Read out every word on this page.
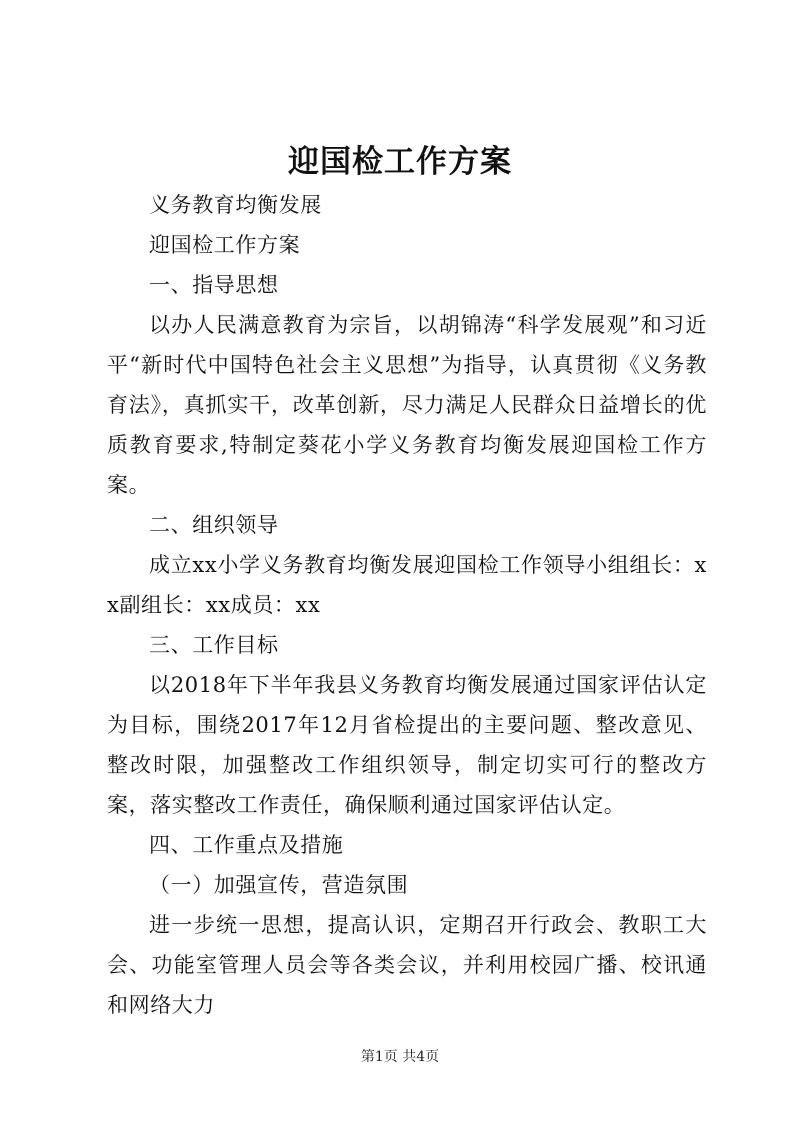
迎国检工作方案

义务教育均衡发展

迎国检工作方案

一、指导思想

以办人民满意教育为宗旨，以胡锦涛“科学发展观”和习近平“新时代中国特色社会主义思想”为指导，认真贯彻《义务教育法》，真抓实干，改革创新，尽力满足人民群众日益增长的优质教育要求,特制定葵花小学义务教育均衡发展迎国检工作方案。

二、组织领导

成立xx小学义务教育均衡发展迎国检工作领导小组组长：xx副组长：xx成员：xx

三、工作目标

以2018年下半年我县义务教育均衡发展通过国家评估认定为目标，围绕2017年12月省检提出的主要问题、整改意见、整改时限，加强整改工作组织领导，制定切实可行的整改方案，落实整改工作责任，确保顺利通过国家评估认定。

四、工作重点及措施

（一）加强宣传，营造氛围

进一步统一思想，提高认识，定期召开行政会、教职工大会、功能室管理人员会等各类会议，并利用校园广播、校讯通和网络大力

第1页 共4页
